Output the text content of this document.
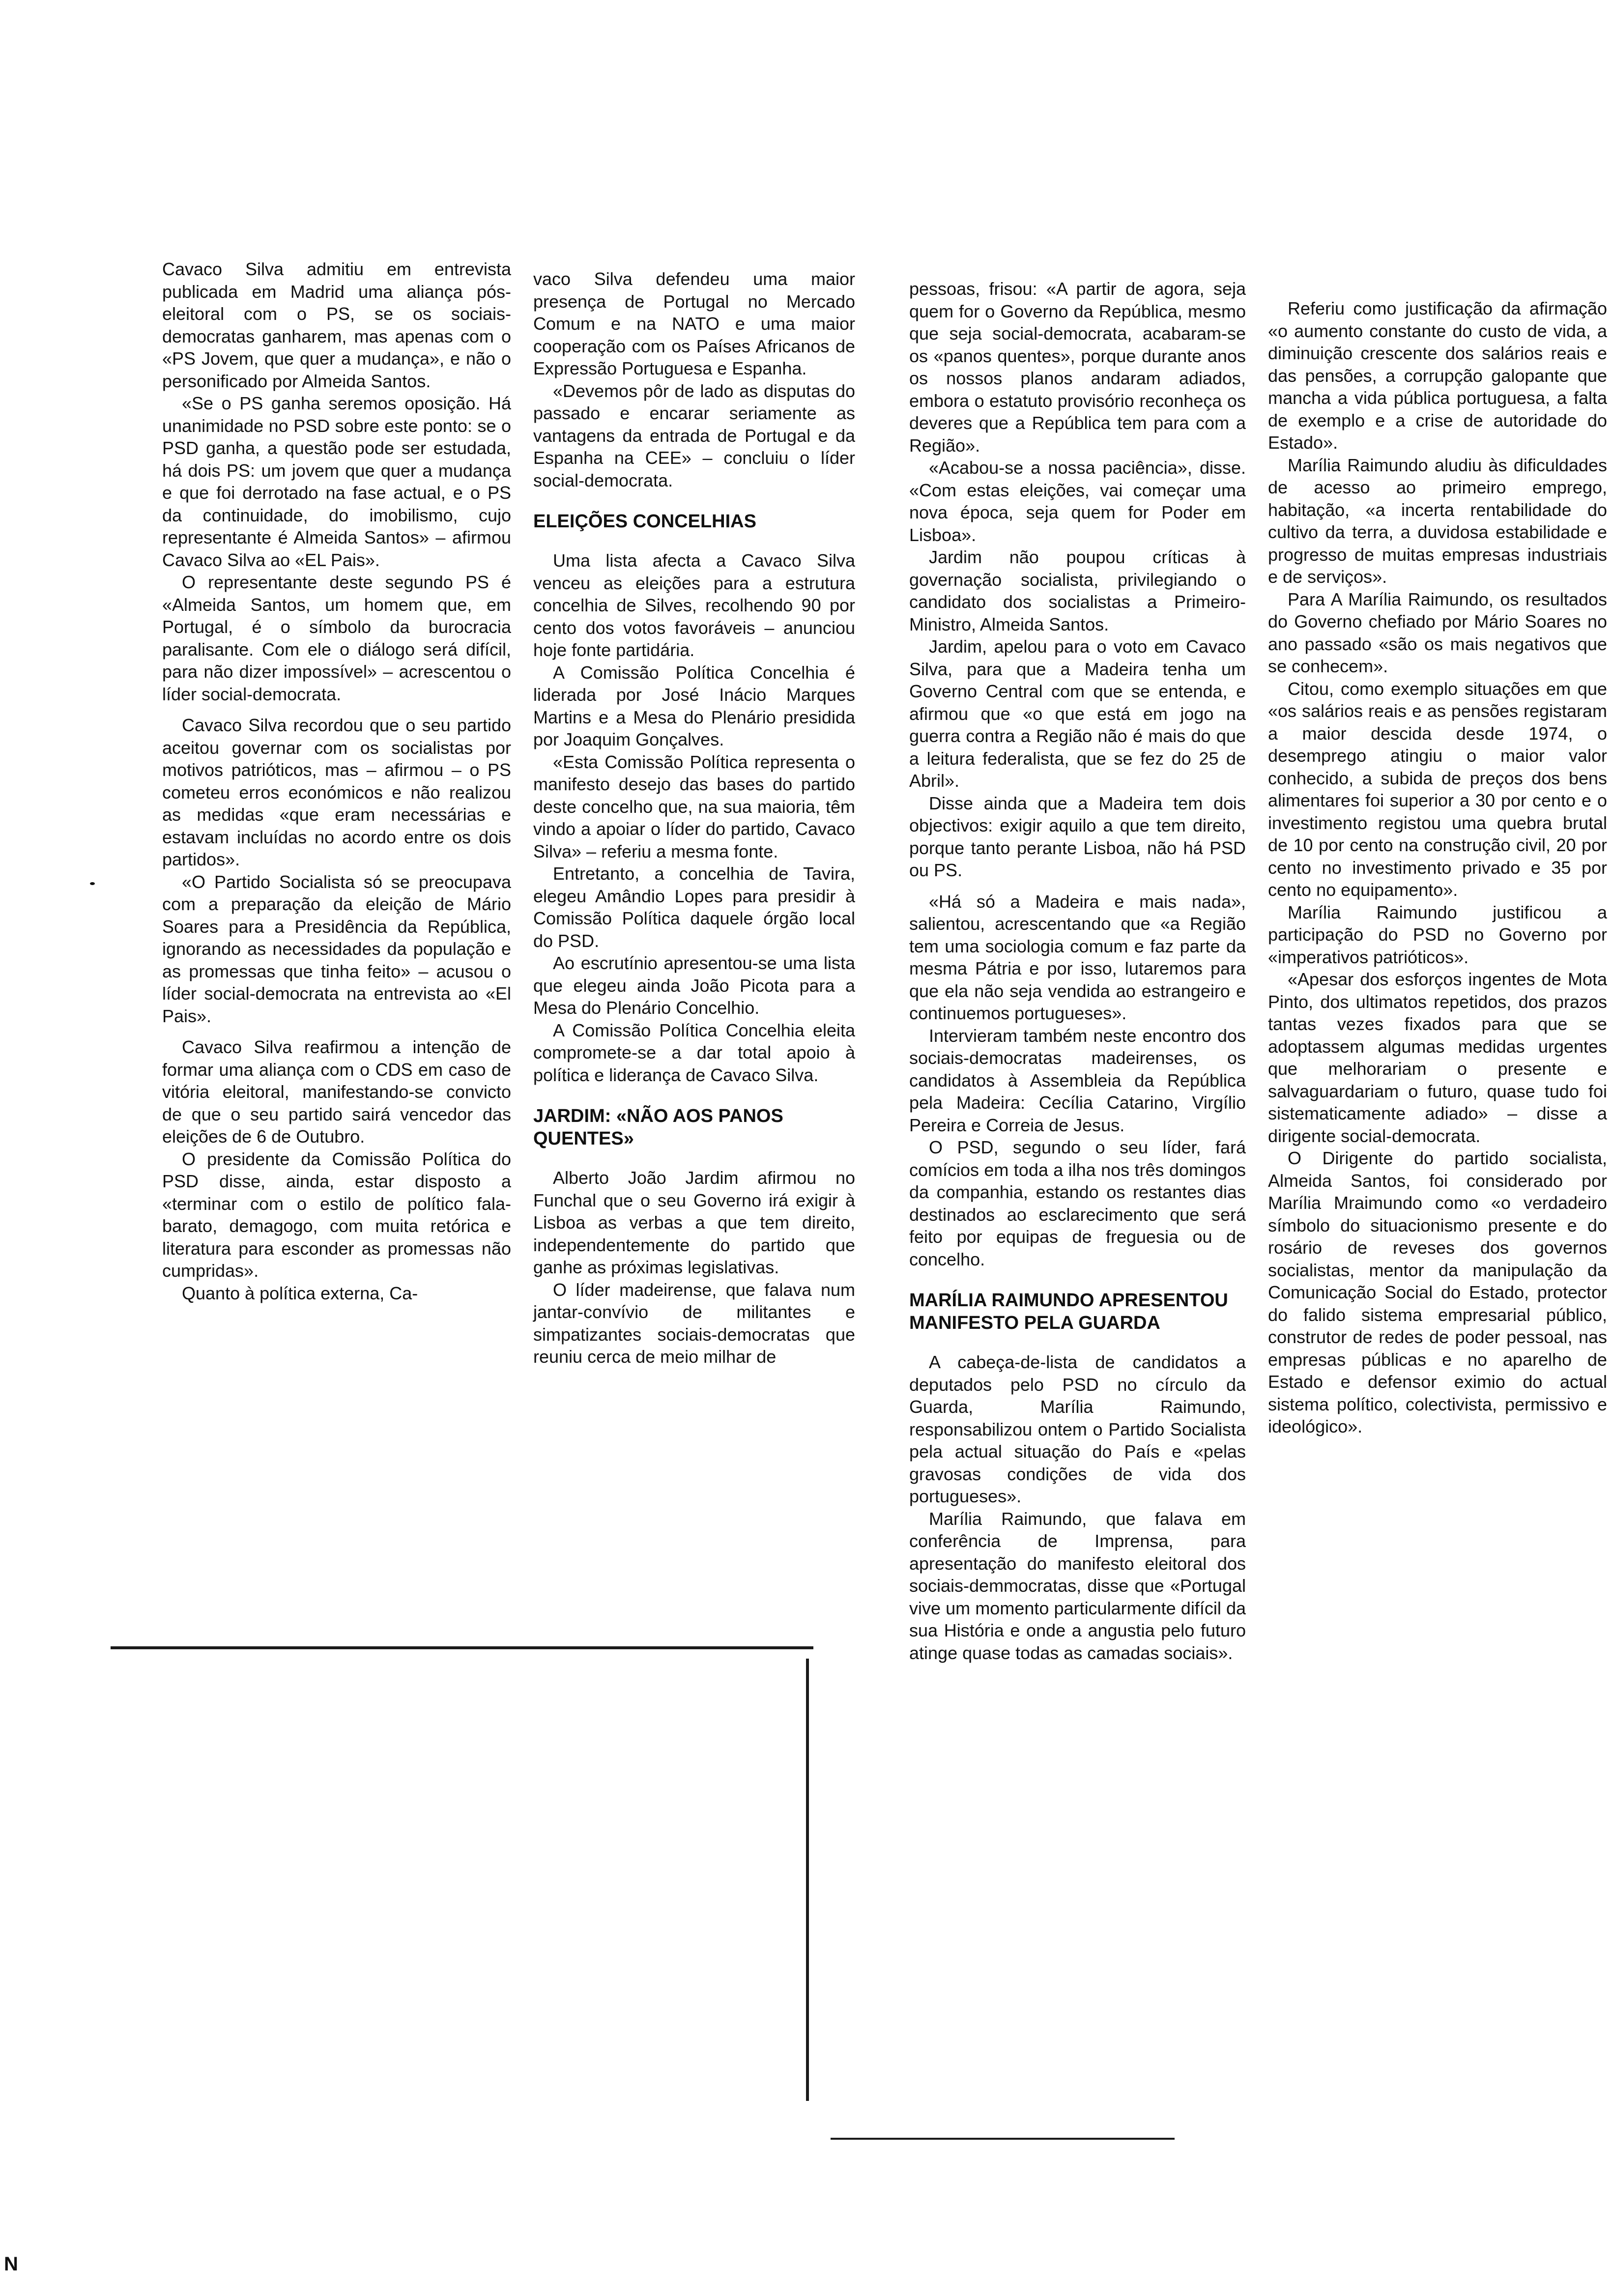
Cavaco Silva admitiu em entrevista publicada em Madrid uma aliança pós-eleitoral com o PS, se os sociais-democratas ganharem, mas apenas com o «PS Jovem, que quer a mudança», e não o personificado por Almeida Santos.

«Se o PS ganha seremos oposição. Há unanimidade no PSD sobre este ponto: se o PSD ganha, a questão pode ser estudada, há dois PS: um jovem que quer a mudança e que foi derrotado na fase actual, e o PS da continuidade, do imobilismo, cujo representante é Almeida Santos» – afirmou Cavaco Silva ao «EL Pais».

O representante deste segundo PS é «Almeida Santos, um homem que, em Portugal, é o símbolo da burocracia paralisante. Com ele o diálogo será difícil, para não dizer impossível» – acrescentou o líder social-democrata.

Cavaco Silva recordou que o seu partido aceitou governar com os socialistas por motivos patrióticos, mas – afirmou – o PS cometeu erros económicos e não realizou as medidas «que eram necessárias e estavam incluídas no acordo entre os dois partidos».

«O Partido Socialista só se preocupava com a preparação da eleição de Mário Soares para a Presidência da República, ignorando as necessidades da população e as promessas que tinha feito» – acusou o líder social-democrata na entrevista ao «El Pais».

Cavaco Silva reafirmou a intenção de formar uma aliança com o CDS em caso de vitória eleitoral, manifestando-se convicto de que o seu partido sairá vencedor das eleições de 6 de Outubro.

O presidente da Comissão Política do PSD disse, ainda, estar disposto a «terminar com o estilo de político fala-barato, demagogo, com muita retórica e literatura para esconder as promessas não cumpridas».

Quanto à política externa, Ca-

vaco Silva defendeu uma maior presença de Portugal no Mercado Comum e na NATO e uma maior cooperação com os Países Africanos de Expressão Portuguesa e Espanha.

«Devemos pôr de lado as disputas do passado e encarar seriamente as vantagens da entrada de Portugal e da Espanha na CEE» – concluiu o líder social-democrata.

ELEIÇÕES CONCELHIAS

Uma lista afecta a Cavaco Silva venceu as eleições para a estrutura concelhia de Silves, recolhendo 90 por cento dos votos favoráveis – anunciou hoje fonte partidária.

A Comissão Política Concelhia é liderada por José Inácio Marques Martins e a Mesa do Plenário presidida por Joaquim Gonçalves.

«Esta Comissão Política representa o manifesto desejo das bases do partido deste concelho que, na sua maioria, têm vindo a apoiar o líder do partido, Cavaco Silva» – referiu a mesma fonte.

Entretanto, a concelhia de Tavira, elegeu Amândio Lopes para presidir à Comissão Política daquele órgão local do PSD.

Ao escrutínio apresentou-se uma lista que elegeu ainda João Picota para a Mesa do Plenário Concelhio.

A Comissão Política Concelhia eleita compromete-se a dar total apoio à política e liderança de Cavaco Silva.

JARDIM: «NÃO AOS PANOS QUENTES»

Alberto João Jardim afirmou no Funchal que o seu Governo irá exigir à Lisboa as verbas a que tem direito, independentemente do partido que ganhe as próximas legislativas.

O líder madeirense, que falava num jantar-convívio de militantes e simpatizantes sociais-democratas que reuniu cerca de meio milhar de

pessoas, frisou: «A partir de agora, seja quem for o Governo da República, mesmo que seja social-democrata, acabaram-se os «panos quentes», porque durante anos os nossos planos andaram adiados, embora o estatuto provisório reconheça os deveres que a República tem para com a Região».

«Acabou-se a nossa paciência», disse. «Com estas eleições, vai começar uma nova época, seja quem for Poder em Lisboa».

Jardim não poupou críticas à governação socialista, privilegiando o candidato dos socialistas a Primeiro-Ministro, Almeida Santos.

Jardim, apelou para o voto em Cavaco Silva, para que a Madeira tenha um Governo Central com que se entenda, e afirmou que «o que está em jogo na guerra contra a Região não é mais do que a leitura federalista, que se fez do 25 de Abril».

Disse ainda que a Madeira tem dois objectivos: exigir aquilo a que tem direito, porque tanto perante Lisboa, não há PSD ou PS.

«Há só a Madeira e mais nada», salientou, acrescentando que «a Região tem uma sociologia comum e faz parte da mesma Pátria e por isso, lutaremos para que ela não seja vendida ao estrangeiro e continuemos portugueses».

Intervieram também neste encontro dos sociais-democratas madeirenses, os candidatos à Assembleia da República pela Madeira: Cecília Catarino, Virgílio Pereira e Correia de Jesus.

O PSD, segundo o seu líder, fará comícios em toda a ilha nos três domingos da companhia, estando os restantes dias destinados ao esclarecimento que será feito por equipas de freguesia ou de concelho.

MARÍLIA RAIMUNDO APRESENTOU MANIFESTO PELA GUARDA

A cabeça-de-lista de candidatos a deputados pelo PSD no círculo da Guarda, Marília Raimundo, responsabilizou ontem o Partido Socialista pela actual situação do País e «pelas gravosas condições de vida dos portugueses».

Marília Raimundo, que falava em conferência de Imprensa, para apresentação do manifesto eleitoral dos sociais-demmocratas, disse que «Portugal vive um momento particularmente difícil da sua História e onde a angustia pelo futuro atinge quase todas as camadas sociais».

Referiu como justificação da afirmação «o aumento constante do custo de vida, a diminuição crescente dos salários reais e das pensões, a corrupção galopante que mancha a vida pública portuguesa, a falta de exemplo e a crise de autoridade do Estado».

Marília Raimundo aludiu às dificuldades de acesso ao primeiro emprego, habitação, «a incerta rentabilidade do cultivo da terra, a duvidosa estabilidade e progresso de muitas empresas industriais e de serviços».

Para A Marília Raimundo, os resultados do Governo chefiado por Mário Soares no ano passado «são os mais negativos que se conhecem».

Citou, como exemplo situações em que «os salários reais e as pensões registaram a maior descida desde 1974, o desemprego atingiu o maior valor conhecido, a subida de preços dos bens alimentares foi superior a 30 por cento e o investimento registou uma quebra brutal de 10 por cento na construção civil, 20 por cento no investimento privado e 35 por cento no equipamento».

Marília Raimundo justificou a participação do PSD no Governo por «imperativos patrióticos».

«Apesar dos esforços ingentes de Mota Pinto, dos ultimatos repetidos, dos prazos tantas vezes fixados para que se adoptassem algumas medidas urgentes que melhorariam o presente e salvaguardariam o futuro, quase tudo foi sistematicamente adiado» – disse a dirigente social-democrata.

O Dirigente do partido socialista, Almeida Santos, foi considerado por Marília Mraimundo como «o verdadeiro símbolo do situacionismo presente e do rosário de reveses dos governos socialistas, mentor da manipulação da Comunicação Social do Estado, protector do falido sistema empresarial público, construtor de redes de poder pessoal, nas empresas públicas e no aparelho de Estado e defensor eximio do actual sistema político, colectivista, permissivo e ideológico».

N
